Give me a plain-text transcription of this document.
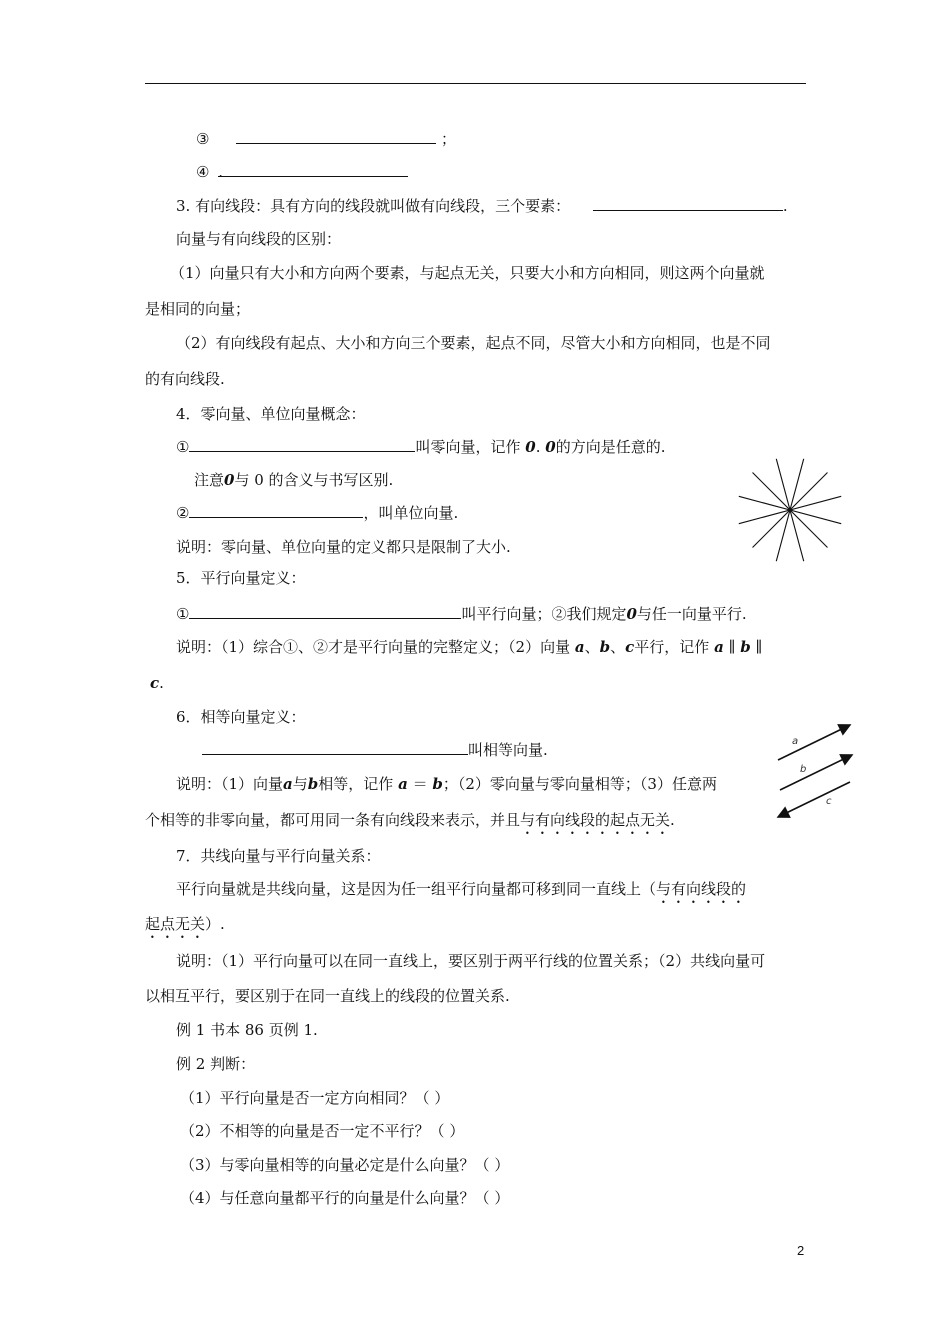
③	；
④ .
3. 有向线段：具有方向的线段就叫做有向线段，三个要素：	.
向量与有向线段的区别：
（1）向量只有大小和方向两个要素，与起点无关，只要大小和方向相同，则这两个向量就
是相同的向量；
（2）有向线段有起点、大小和方向三个要素，起点不同，尽管大小和方向相同，也是不同
的有向线段.
4．零向量、单位向量概念：
①	叫零向量，记作 0. 0的方向是任意的.
注意0与 0 的含义与书写区别.
②	，叫单位向量.
说明：零向量、单位向量的定义都只是限制了大小.
5．平行向量定义：
①	叫平行向量；②我们规定0与任一向量平行.
说明：（1）综合①、②才是平行向量的完整定义；（2）向量 a、b、c平行，记作 a ∥ b ∥
c.
6．相等向量定义：
叫相等向量.
说明：（1）向量a与b相等，记作 a ＝ b；（2）零向量与零向量相等；（3）任意两
个相等的非零向量，都可用同一条有向线段来表示，并且与有向线段的起点无关.
a
b
c
7．共线向量与平行向量关系：
平行向量就是共线向量，这是因为任一组平行向量都可移到同一直线上（与有向线段的
起点无关）.
说明：（1）平行向量可以在同一直线上，要区别于两平行线的位置关系；（2）共线向量可
以相互平行，要区别于在同一直线上的线段的位置关系.
例 1 书本 86 页例 1.
例 2 判断：
（1）平行向量是否一定方向相同？（ ）
（2）不相等的向量是否一定不平行？（ ）
（3）与零向量相等的向量必定是什么向量？（ ）
（4）与任意向量都平行的向量是什么向量？（ ）
2
